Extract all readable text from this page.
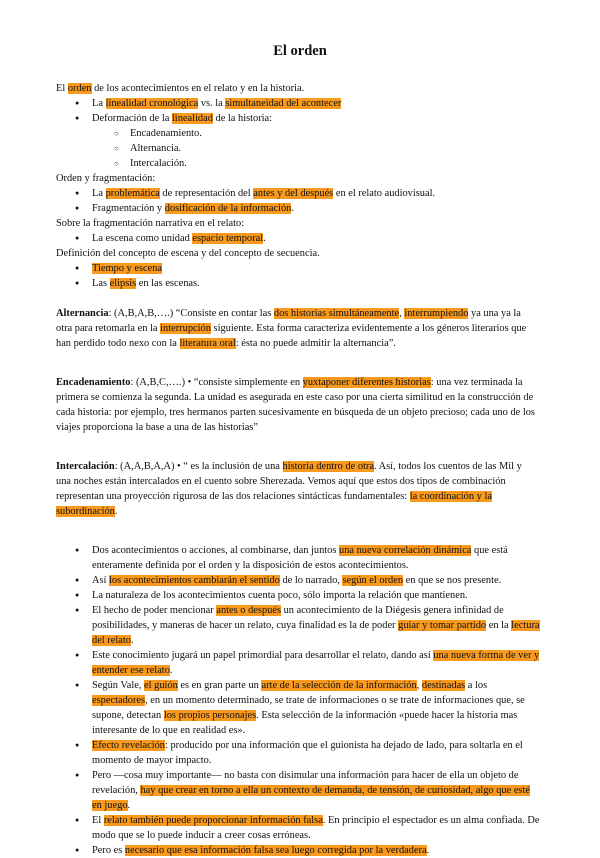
El orden

El orden de los acontecimientos en el relato y en la historia.

● La linealidad cronológica vs. la simultaneidad del acontecer
● Deformación de la linealidad de la historia:
○ Encadenamiento.
○ Alternancia.
○ Intercalación.

Orden y fragmentación:

● La problemática de representación del antes y del después en el relato audiovisual.
● Fragmentación y dosificación de la información.

Sobre la fragmentación narrativa en el relato:

● La escena como unidad espacio temporal.

Definición del concepto de escena y del concepto de secuencia.

● Tiempo y escena
● Las elipsis en las escenas.

Alternancia: (A,B,A,B,….) “Consiste en contar las dos historias simultáneamente, interrumpiendo ya una ya la

otra para retomarla en la interrupción siguiente. Esta forma caracteriza evidentemente a los géneros literarios que

han perdido todo nexo con la literatura oral: ésta no puede admitir la alternancia”.

Encadenamiento: (A,B,C,….) • “consiste simplemente en yuxtaponer diferentes historias: una vez terminada la

primera se comienza la segunda. La unidad es asegurada en este caso por una cierta similitud en la construcción de

cada historia: por ejemplo, tres hermanos parten sucesivamente en búsqueda de un objeto precioso; cada uno de los

viajes proporciona la base a una de las historias”

Intercalación: (A,A,B,A,A) • “ es la inclusión de una historia dentro de otra. Así, todos los cuentos de las Mil y

una noches están intercalados en el cuento sobre Sherezada. Vemos aquí que estos dos tipos de combinación

representan una proyección rigurosa de las dos relaciones sintácticas fundamentales: la coordinación y la

subordinación.

● Dos acontecimientos o acciones, al combinarse, dan juntos una nueva correlación dinámica que está
enteramente definida por el orden y la disposición de estos acontecimientos.
● Así los acontecimientos cambiarán el sentido de lo narrado, según el orden en que se nos presente.
● La naturaleza de los acontecimientos cuenta poco, sólo importa la relación que mantienen.
● El hecho de poder mencionar antes o después un acontecimiento de la Diégesis genera infinidad de
posibilidades, y maneras de hacer un relato, cuya finalidad es la de poder guiar y tomar partido en la lectura
del relato.
● Este conocimiento jugará un papel primordial para desarrollar el relato, dando así una nueva forma de ver y
entender ese relato.
● Según Vale, el guión es en gran parte un arte de la selección de la información, destinadas a los
espectadores, en un momento determinado, se trate de informaciones o se trate de informaciones que, se
supone, detectan los propios personajes. Esta selección de la información «puede hacer la historia mas
interesante de lo que en realidad es».
● Efecto revelación: producido por una información que el guionista ha dejado de lado, para soltarla en el
momento de mayor impacto.
● Pero —cosa muy importante— no basta con disimular una información para hacer de ella un objeto de
revelación, hay que crear en torno a ella un contexto de demanda, de tensión, de curiosidad, algo que esté
en juego.
● El relato también puede proporcionar información falsa. En principio el espectador es un alma confiada. De
modo que se lo puede inducir a creer cosas erróneas.
● Pero es necesario que esa información falsa sea luego corregida por la verdadera.
